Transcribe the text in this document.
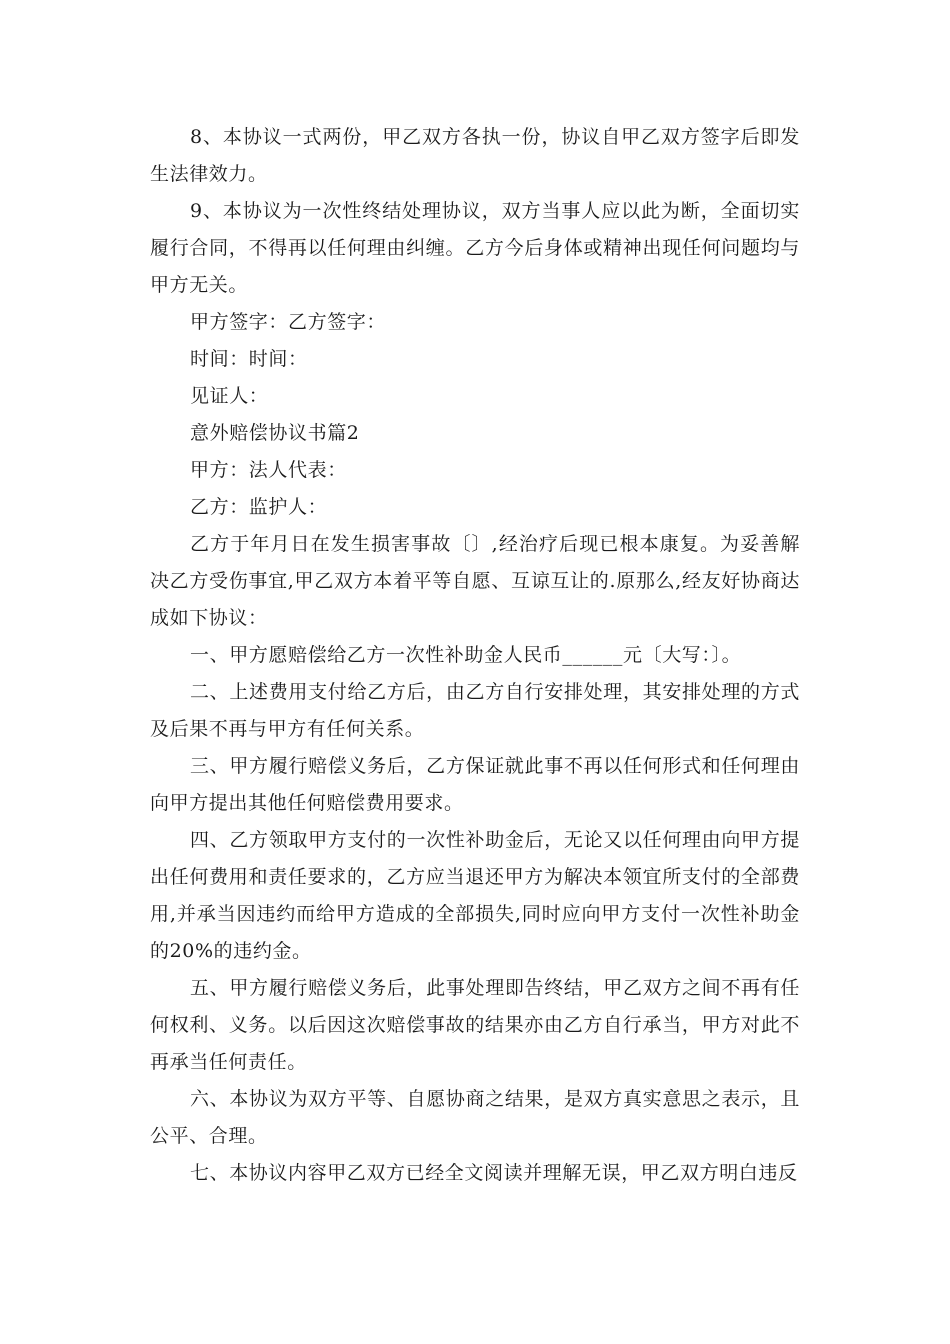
8、本协议一式两份，甲乙双方各执一份，协议自甲乙双方签字后即发生法律效力。

9、本协议为一次性终结处理协议，双方当事人应以此为断，全面切实履行合同，不得再以任何理由纠缠。乙方今后身体或精神出现任何问题均与甲方无关。

甲方签字：乙方签字：

时间：时间：

见证人：

意外赔偿协议书篇2

甲方：法人代表：

乙方：监护人：

乙方于年月日在发生损害事故〔〕,经治疗后现已根本康复。为妥善解决乙方受伤事宜,甲乙双方本着平等自愿、互谅互让的.原那么,经友好协商达成如下协议：

一、甲方愿赔偿给乙方一次性补助金人民币______元〔大写：〕。

二、上述费用支付给乙方后，由乙方自行安排处理，其安排处理的方式及后果不再与甲方有任何关系。

三、甲方履行赔偿义务后，乙方保证就此事不再以任何形式和任何理由向甲方提出其他任何赔偿费用要求。

四、乙方领取甲方支付的一次性补助金后，无论又以任何理由向甲方提出任何费用和责任要求的，乙方应当退还甲方为解决本领宜所支付的全部费用,并承当因违约而给甲方造成的全部损失,同时应向甲方支付一次性补助金的20%的违约金。

五、甲方履行赔偿义务后，此事处理即告终结，甲乙双方之间不再有任何权利、义务。以后因这次赔偿事故的结果亦由乙方自行承当，甲方对此不再承当任何责任。

六、本协议为双方平等、自愿协商之结果，是双方真实意思之表示，且公平、合理。

七、本协议内容甲乙双方已经全文阅读并理解无误，甲乙双方明白违反
